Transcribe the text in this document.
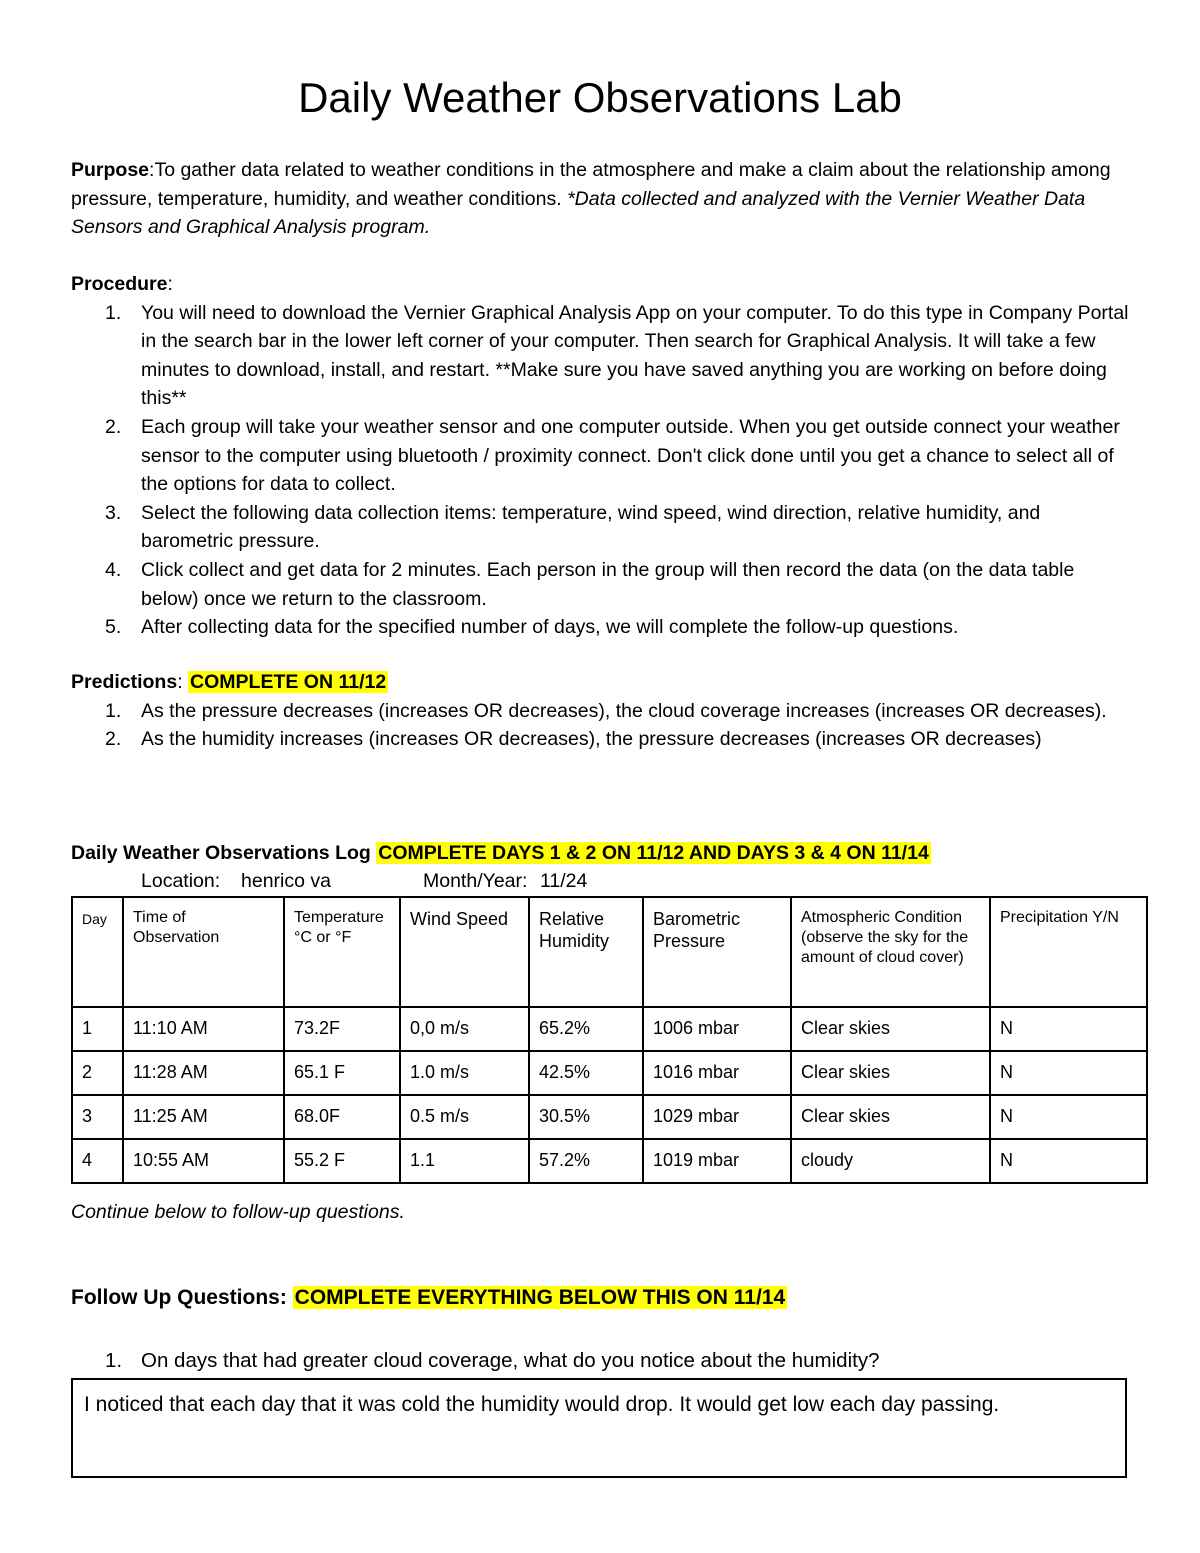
Daily Weather Observations Lab
Purpose:To gather data related to weather conditions in the atmosphere and make a claim about the relationship among pressure, temperature, humidity, and weather conditions. *Data collected and analyzed with the Vernier Weather Data Sensors and Graphical Analysis program.
Procedure:
1. You will need to download the Vernier Graphical Analysis App on your computer. To do this type in Company Portal in the search bar in the lower left corner of your computer. Then search for Graphical Analysis. It will take a few minutes to download, install, and restart. **Make sure you have saved anything you are working on before doing this**
2. Each group will take your weather sensor and one computer outside. When you get outside connect your weather sensor to the computer using bluetooth / proximity connect. Don't click done until you get a chance to select all of the options for data to collect.
3. Select the following data collection items: temperature, wind speed, wind direction, relative humidity, and barometric pressure.
4. Click collect and get data for 2 minutes. Each person in the group will then record the data (on the data table below) once we return to the classroom.
5. After collecting data for the specified number of days, we will complete the follow-up questions.
Predictions: COMPLETE ON 11/12
1. As the pressure decreases (increases OR decreases), the cloud coverage increases (increases OR decreases).
2. As the humidity increases (increases OR decreases), the pressure decreases (increases OR decreases)
Daily Weather Observations Log COMPLETE DAYS 1 & 2 ON 11/12 AND DAYS 3 & 4 ON 11/14
Location: henrico va	Month/Year: 11/24
Day	Time of Observation	Temperature °C or °F	Wind Speed	Relative Humidity	Barometric Pressure	Atmospheric Condition (observe the sky for the amount of cloud cover)	Precipitation Y/N
1	11:10 AM	73.2F	0,0 m/s	65.2%	1006 mbar	Clear skies	N
2	11:28 AM	65.1 F	1.0 m/s	42.5%	1016 mbar	Clear skies	N
3	11:25 AM	68.0F	0.5 m/s	30.5%	1029 mbar	Clear skies	N
4	10:55 AM	55.2 F	1.1	57.2%	1019 mbar	cloudy	N
Continue below to follow-up questions.
Follow Up Questions: COMPLETE EVERYTHING BELOW THIS ON 11/14
1. On days that had greater cloud coverage, what do you notice about the humidity?
I noticed that each day that it was cold the humidity would drop. It would get low each day passing.
